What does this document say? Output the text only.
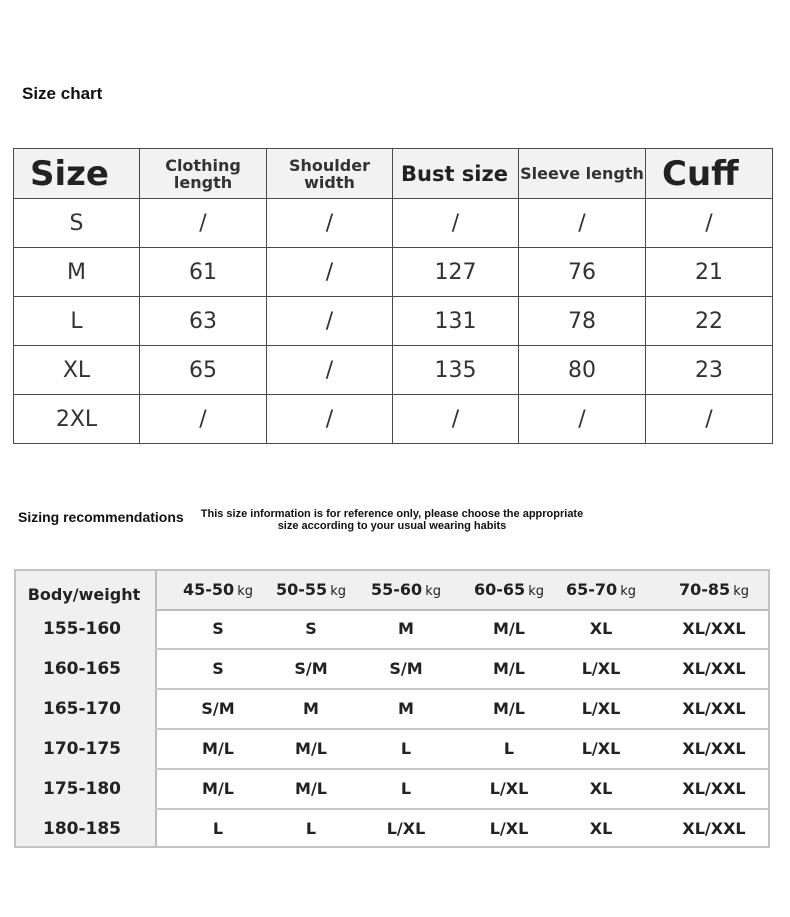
Size chart
Size	Clothing length	Shoulder width	Bust size	Sleeve length	Cuff
S	/	/	/	/	/
M	61	/	127	76	21
L	63	/	131	78	22
XL	65	/	135	80	23
2XL	/	/	/	/	/
Sizing recommendations This size information is for reference only, please choose the appropriate size according to your usual wearing habits
Body/weight	45-50 kg	50-55 kg	55-60 kg	60-65 kg	65-70 kg	70-85 kg
155-160	S	S	M	M/L	XL	XL/XXL
160-165	S	S/M	S/M	M/L	L/XL	XL/XXL
165-170	S/M	M	M	M/L	L/XL	XL/XXL
170-175	M/L	M/L	L	L	L/XL	XL/XXL
175-180	M/L	M/L	L	L/XL	XL	XL/XXL
180-185	L	L	L/XL	L/XL	XL	XL/XXL
